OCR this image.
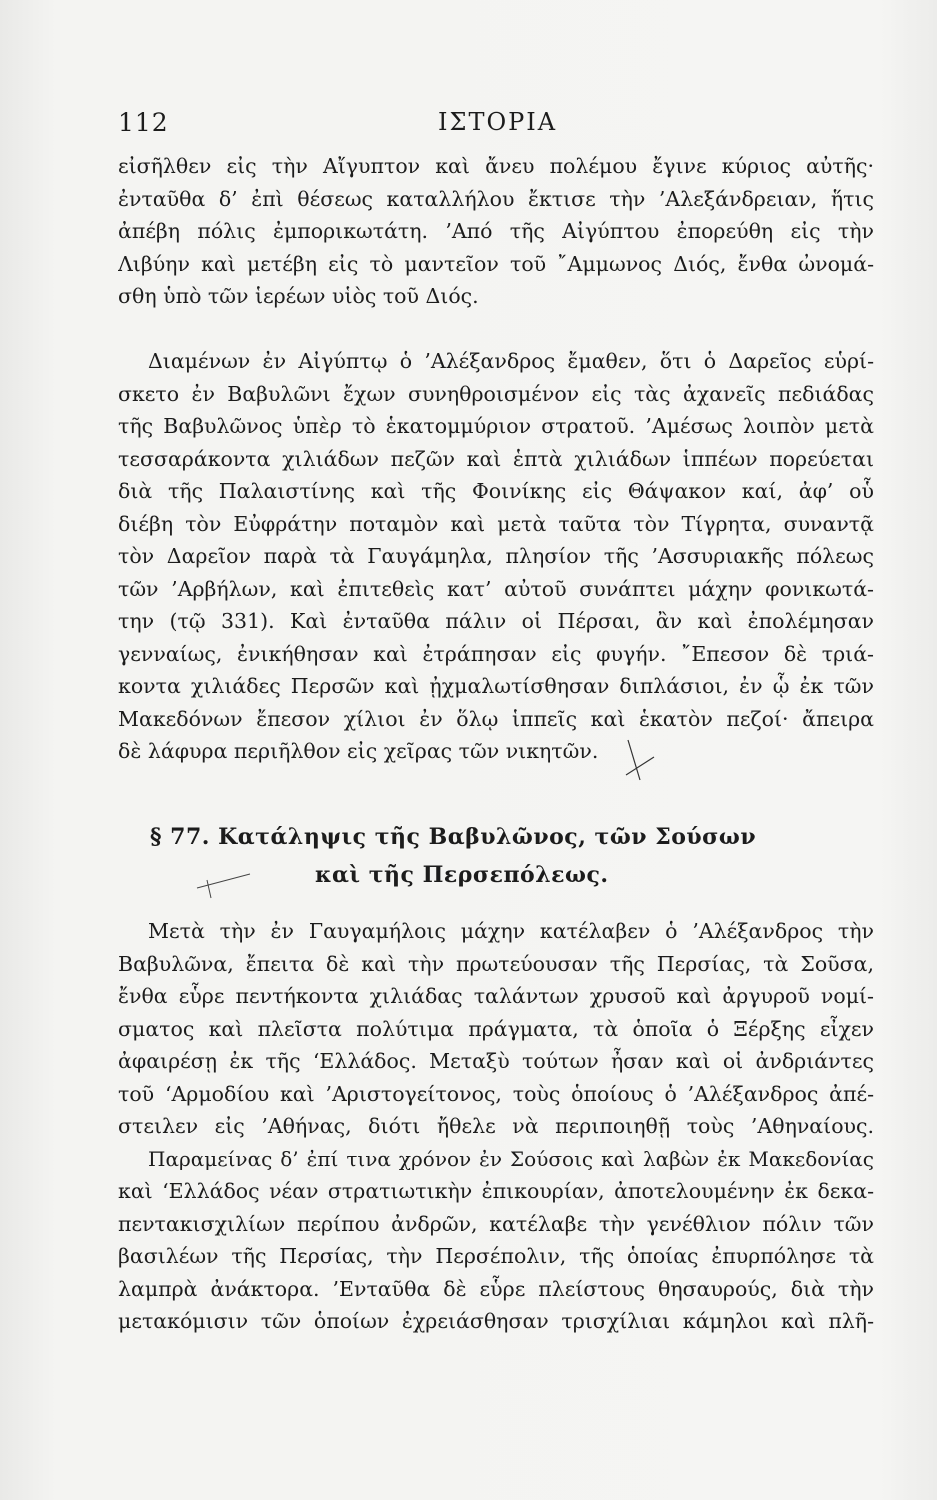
112	ΙΣΤΟΡΙΑ
εἰσῆλθεν εἰς τὴν Αἴγυπτον καὶ ἄνευ πολέμου ἔγινε κύριος αὐτῆς·
ἐνταῦθα δ’ ἐπὶ θέσεως καταλλήλου ἔκτισε τὴν ’Αλεξάνδρειαν, ἥτις
ἀπέβη πόλις ἐμπορικωτάτη. ’Από τῆς Αἰγύπτου ἐπορεύθη εἰς τὴν
Λιβύην καὶ μετέβη εἰς τὸ μαντεῖον τοῦ ῎Αμμωνος Διός, ἔνθα ὠνομά-
σθη ὑπὸ τῶν ἱερέων υἱὸς τοῦ Διός.
Διαμένων ἐν Αἰγύπτῳ ὁ ’Αλέξανδρος ἔμαθεν, ὅτι ὁ Δαρεῖος εὑρί-
σκετο ἐν Βαβυλῶνι ἔχων συνηθροισμένον εἰς τὰς ἀχανεῖς πεδιάδας
τῆς Βαβυλῶνος ὑπὲρ τὸ ἑκατομμύριον στρατοῦ. ’Αμέσως λοιπὸν μετὰ
τεσσαράκοντα χιλιάδων πεζῶν καὶ ἑπτὰ χιλιάδων ἱππέων πορεύεται
διὰ τῆς Παλαιστίνης καὶ τῆς Φοινίκης εἰς Θάψακον καί, ἀφ’ οὗ
διέβη τὸν Εὐφράτην ποταμὸν καὶ μετὰ ταῦτα τὸν Τίγρητα, συναντᾷ
τὸν Δαρεῖον παρὰ τὰ Γαυγάμηλα, πλησίον τῆς ’Ασσυριακῆς πόλεως
τῶν ’Αρβήλων, καὶ ἐπιτεθεὶς κατ’ αὐτοῦ συνάπτει μάχην φονικωτά-
την (τῷ 331). Καὶ ἐνταῦθα πάλιν οἱ Πέρσαι, ἂν καὶ ἐπολέμησαν
γενναίως, ἐνικήθησαν καὶ ἐτράπησαν εἰς φυγήν. ῎Επεσον δὲ τριά-
κοντα χιλιάδες Περσῶν καὶ ᾐχμαλωτίσθησαν διπλάσιοι, ἐν ᾧ ἐκ τῶν
Μακεδόνων ἔπεσον χίλιοι ἐν ὅλῳ ἱππεῖς καὶ ἑκατὸν πεζοί· ἄπειρα
δὲ λάφυρα περιῆλθον εἰς χεῖρας τῶν νικητῶν.
§ 77. Κατάληψις τῆς Βαβυλῶνος, τῶν Σούσων
καὶ τῆς Περσεπόλεως.
Μετὰ τὴν ἐν Γαυγαμήλοις μάχην κατέλαβεν ὁ ’Αλέξανδρος τὴν
Βαβυλῶνα, ἔπειτα δὲ καὶ τὴν πρωτεύουσαν τῆς Περσίας, τὰ Σοῦσα,
ἔνθα εὗρε πεντήκοντα χιλιάδας ταλάντων χρυσοῦ καὶ ἀργυροῦ νομί-
σματος καὶ πλεῖστα πολύτιμα πράγματα, τὰ ὁποῖα ὁ Ξέρξης εἶχεν
ἀφαιρέσῃ ἐκ τῆς ‘Ελλάδος. Μεταξὺ τούτων ἦσαν καὶ οἱ ἀνδριάντες
τοῦ ‘Αρμοδίου καὶ ’Αριστογείτονος, τοὺς ὁποίους ὁ ’Αλέξανδρος ἀπέ-
στειλεν εἰς ’Αθήνας, διότι ἤθελε νὰ περιποιηθῇ τοὺς ’Αθηναίους.
Παραμείνας δ’ ἐπί τινα χρόνον ἐν Σούσοις καὶ λαβὼν ἐκ Μακεδονίας
καὶ ‘Ελλάδος νέαν στρατιωτικὴν ἐπικουρίαν, ἀποτελουμένην ἐκ δεκα-
πεντακισχιλίων περίπου ἀνδρῶν, κατέλαβε τὴν γενέθλιον πόλιν τῶν
βασιλέων τῆς Περσίας, τὴν Περσέπολιν, τῆς ὁποίας ἐπυρπόλησε τὰ
λαμπρὰ ἀνάκτορα. ’Ενταῦθα δὲ εὗρε πλείστους θησαυρούς, διὰ τὴν
μετακόμισιν τῶν ὁποίων ἐχρειάσθησαν τρισχίλιαι κάμηλοι καὶ πλῆ-
